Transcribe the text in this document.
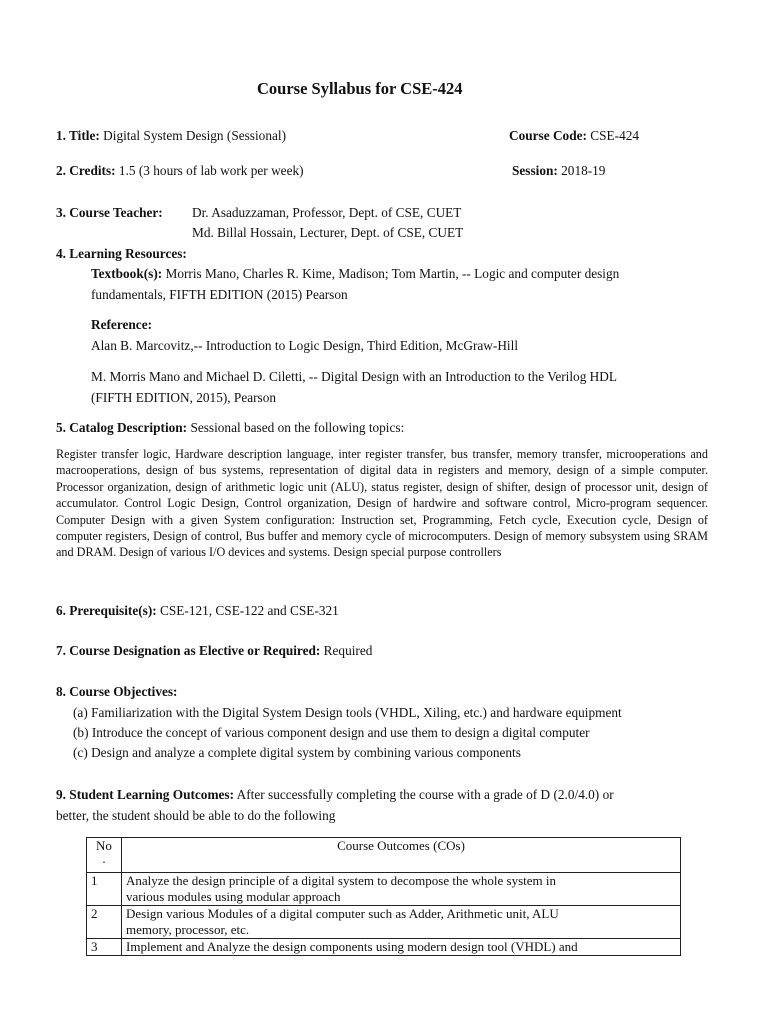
Course Syllabus for CSE-424
1. Title: Digital System Design (Sessional)	Course Code: CSE-424
2. Credits: 1.5 (3 hours of lab work per week)	Session: 2018-19
3. Course Teacher: Dr. Asaduzzaman, Professor, Dept. of CSE, CUET
Md. Billal Hossain, Lecturer, Dept. of CSE, CUET
4. Learning Resources:
Textbook(s): Morris Mano, Charles R. Kime, Madison; Tom Martin, -- Logic and computer design
fundamentals, FIFTH EDITION (2015) Pearson
Reference:
Alan B. Marcovitz,-- Introduction to Logic Design, Third Edition, McGraw-Hill
M. Morris Mano and Michael D. Ciletti, -- Digital Design with an Introduction to the Verilog HDL
(FIFTH EDITION, 2015), Pearson
5. Catalog Description: Sessional based on the following topics:
Register transfer logic, Hardware description language, inter register transfer, bus transfer, memory transfer, microoperations and macrooperations, design of bus systems, representation of digital data in registers and memory, design of a simple computer. Processor organization, design of arithmetic logic unit (ALU), status register, design of shifter, design of processor unit, design of accumulator. Control Logic Design, Control organization, Design of hardwire and software control, Micro-program sequencer. Computer Design with a given System configuration: Instruction set, Programming, Fetch cycle, Execution cycle, Design of computer registers, Design of control, Bus buffer and memory cycle of microcomputers. Design of memory subsystem using SRAM and DRAM. Design of various I/O devices and systems. Design special purpose controllers
6. Prerequisite(s): CSE-121, CSE-122 and CSE-321
7. Course Designation as Elective or Required: Required
8. Course Objectives:
(a) Familiarization with the Digital System Design tools (VHDL, Xiling, etc.) and hardware equipment
(b) Introduce the concept of various component design and use them to design a digital computer
(c) Design and analyze a complete digital system by combining various components
9. Student Learning Outcomes: After successfully completing the course with a grade of D (2.0/4.0) or
better, the student should be able to do the following
No
.	Course Outcomes (COs)
1	Analyze the design principle of a digital system to decompose the whole system in
various modules using modular approach

2	Design various Modules of a digital computer such as Adder, Arithmetic unit, ALU
memory, processor, etc.

3	Implement and Analyze the design components using modern design tool (VHDL) and
